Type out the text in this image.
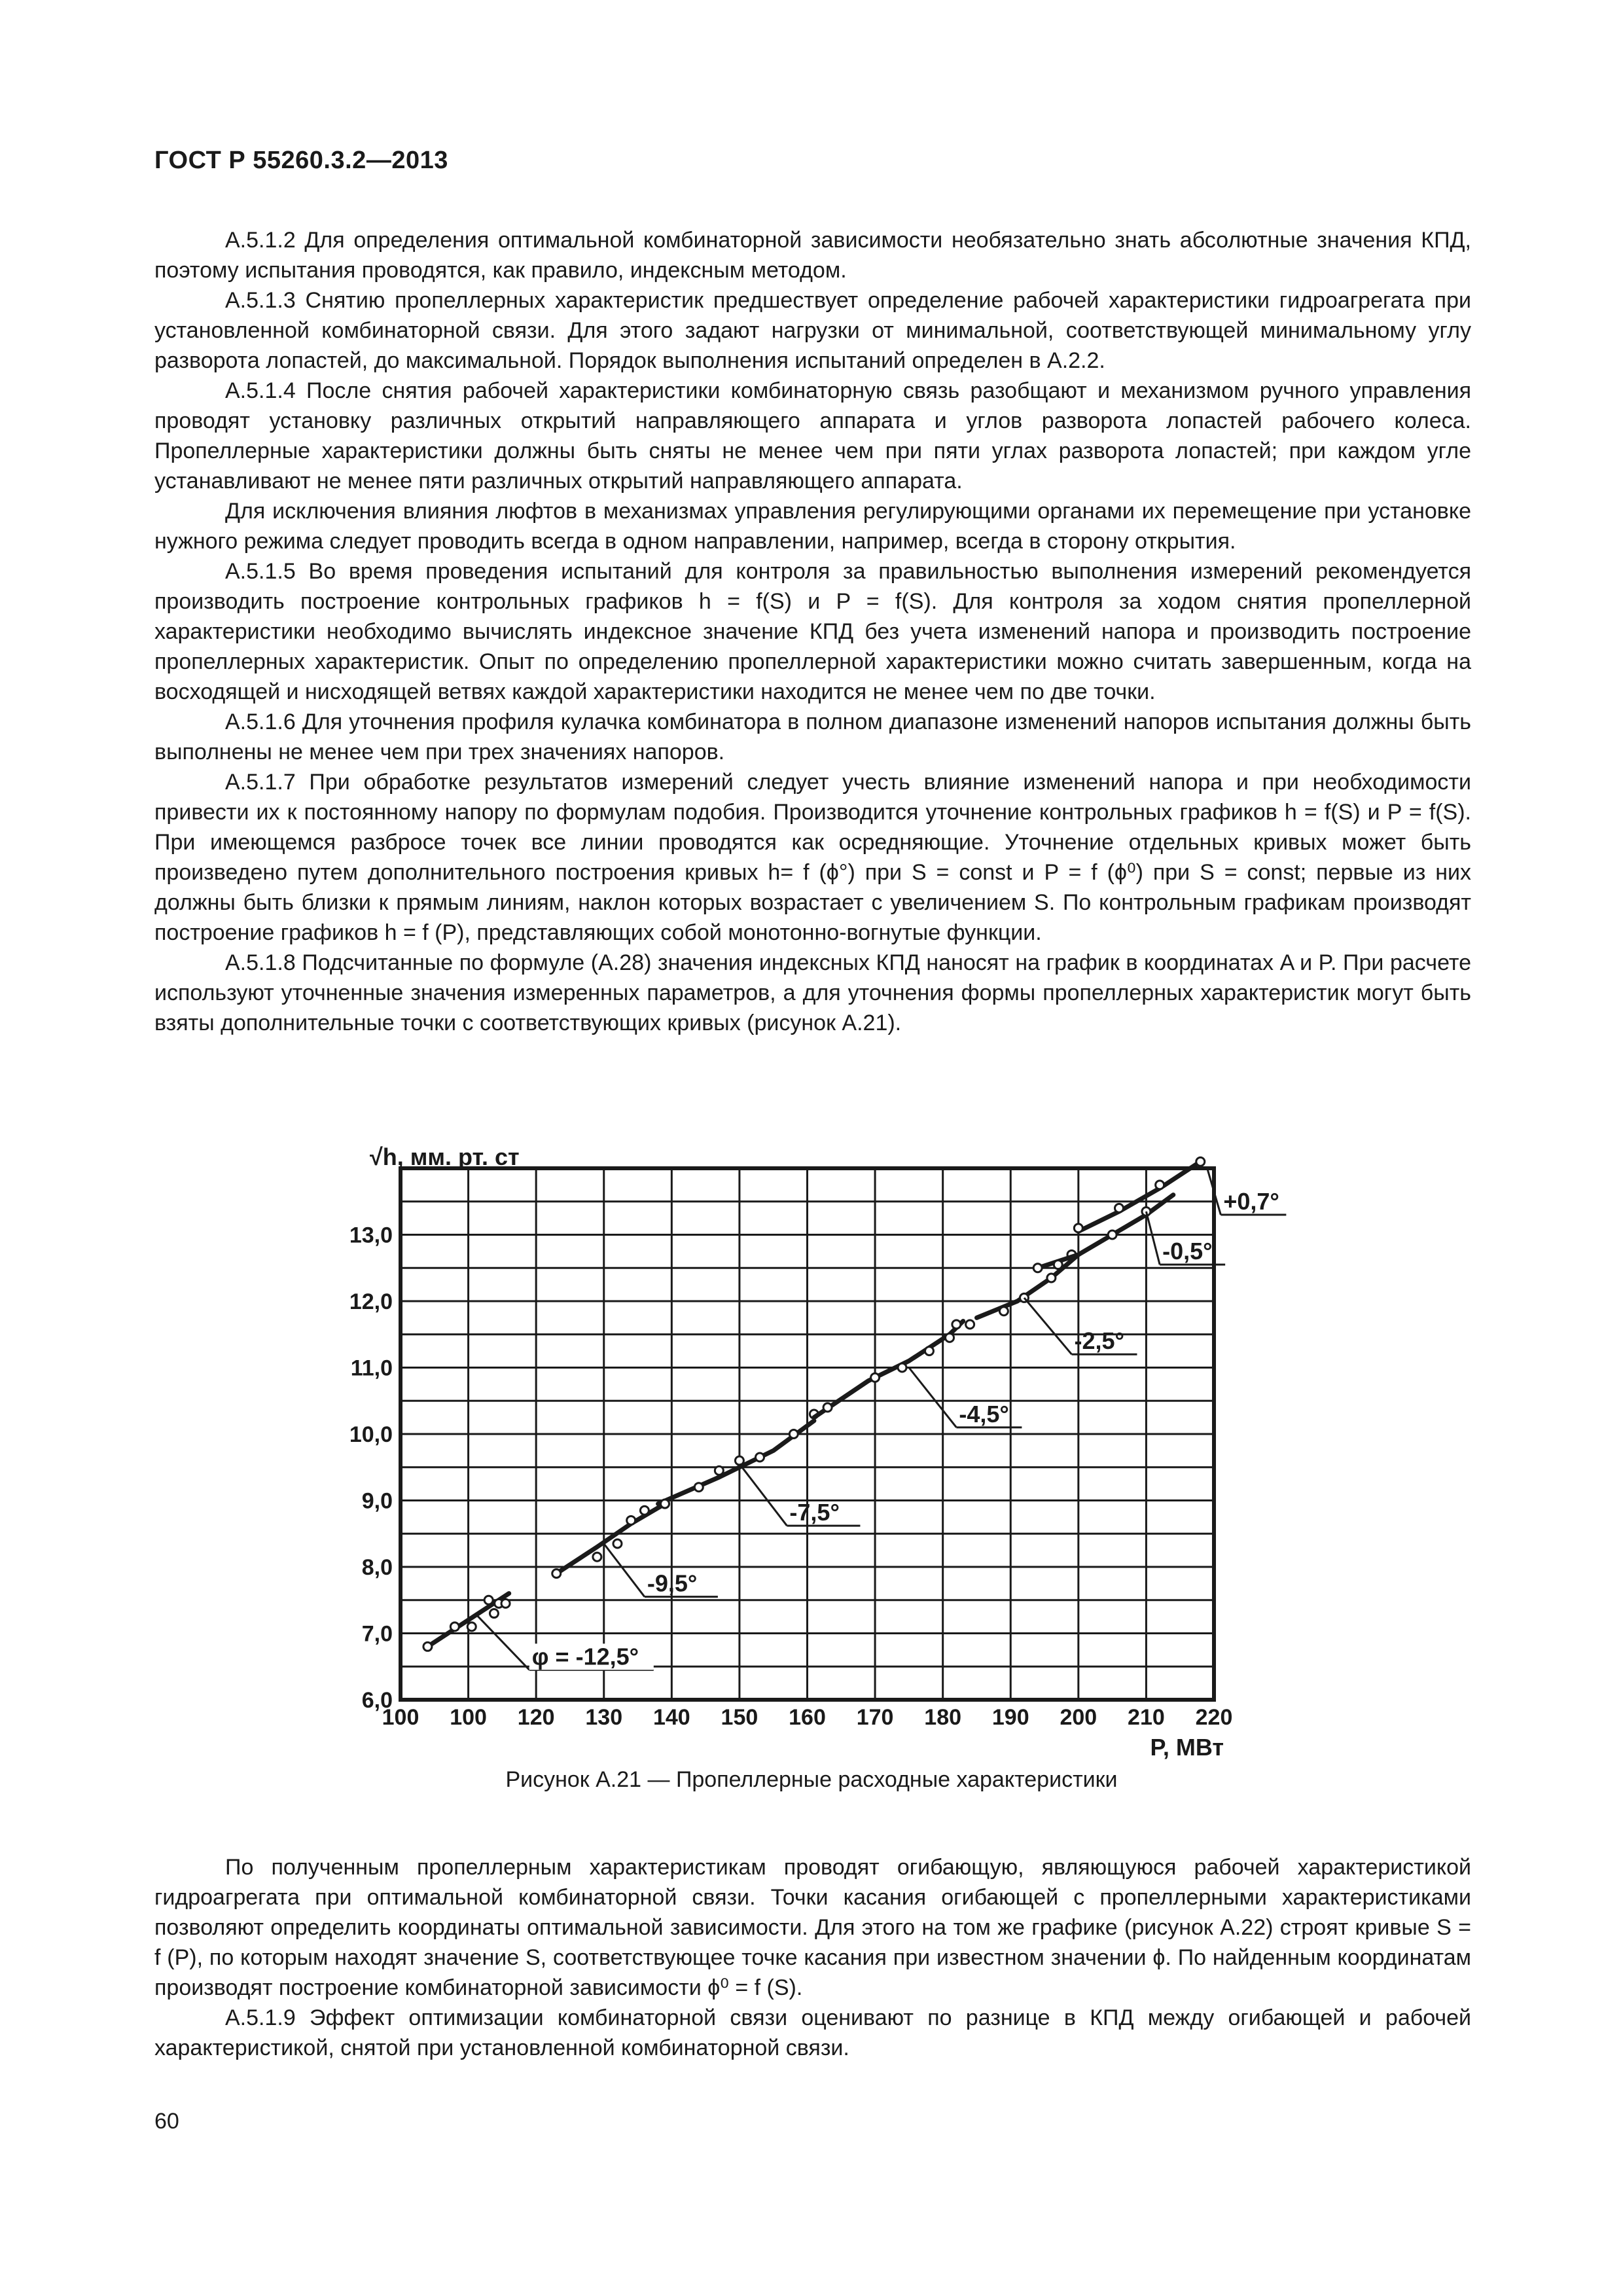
ГОСТ Р 55260.3.2—2013

А.5.1.2 Для определения оптимальной комбинаторной зависимости необязательно знать абсолютные значения КПД, поэтому испытания проводятся, как правило, индексным методом.

А.5.1.3 Снятию пропеллерных характеристик предшествует определение рабочей характеристики гидроагрегата при установленной комбинаторной связи. Для этого задают нагрузки от минимальной, соответствующей минимальному углу разворота лопастей, до максимальной. Порядок выполнения испытаний определен в А.2.2.

А.5.1.4 После снятия рабочей характеристики комбинаторную связь разобщают и механизмом ручного управления проводят установку различных открытий направляющего аппарата и углов разворота лопастей рабочего колеса. Пропеллерные характеристики должны быть сняты не менее чем при пяти углах разворота лопастей; при каждом угле устанавливают не менее пяти различных открытий направляющего аппарата.

Для исключения влияния люфтов в механизмах управления регулирующими органами их перемещение при установке нужного режима следует проводить всегда в одном направлении, например, всегда в сторону открытия.

А.5.1.5 Во время проведения испытаний для контроля за правильностью выполнения измерений рекомендуется производить построение контрольных графиков h = f(S) и P = f(S). Для контроля за ходом снятия пропеллерной характеристики необходимо вычислять индексное значение КПД без учета изменений напора и производить построение пропеллерных характеристик. Опыт по определению пропеллерной характеристики можно считать завершенным, когда на восходящей и нисходящей ветвях каждой характеристики находится не менее чем по две точки.

А.5.1.6 Для уточнения профиля кулачка комбинатора в полном диапазоне изменений напоров испытания должны быть выполнены не менее чем при трех значениях напоров.

А.5.1.7 При обработке результатов измерений следует учесть влияние изменений напора и при необходимости привести их к постоянному напору по формулам подобия. Производится уточнение контрольных графиков h = f(S) и P = f(S). При имеющемся разбросе точек все линии проводятся как осредняющие. Уточнение отдельных кривых может быть произведено путем дополнительного построения кривых h= f (ϕ°) при S = const и P = f (ϕ⁰) при S = const; первые из них должны быть близки к прямым линиям, наклон которых возрастает с увеличением S. По контрольным графикам производят построение графиков h = f (P), представляющих собой монотонно-вогнутые функции.

А.5.1.8 Подсчитанные по формуле (А.28) значения индексных КПД наносят на график в координатах A и P. При расчете используют уточненные значения измеренных параметров, а для уточнения формы пропеллерных характеристик могут быть взяты дополнительные точки с соответствующих кривых (рисунок А.21).

100 100 120 130 140 150 160 170 180 190 200 210 220
6,0
7,0
8,0
9,0
10,0
11,0
12,0
13,0
φ = -12,5°
-9,5°
-7,5°
-4,5°
-2,5°
-0,5°
+0,7°
√h, мм. рт. ст
P, МВт
Рисунок А.21 — Пропеллерные расходные характеристики

По полученным пропеллерным характеристикам проводят огибающую, являющуюся рабочей характеристикой гидроагрегата при оптимальной комбинаторной связи. Точки касания огибающей с пропеллерными характеристиками позволяют определить координаты оптимальной зависимости. Для этого на том же графике (рисунок А.22) строят кривые S = f (P), по которым находят значение S, соответствующее точке касания при известном значении ϕ. По найденным координатам производят построение комбинаторной зависимости ϕ⁰ = f (S).

А.5.1.9 Эффект оптимизации комбинаторной связи оценивают по разнице в КПД между огибающей и рабочей характеристикой, снятой при установленной комбинаторной связи.

60
